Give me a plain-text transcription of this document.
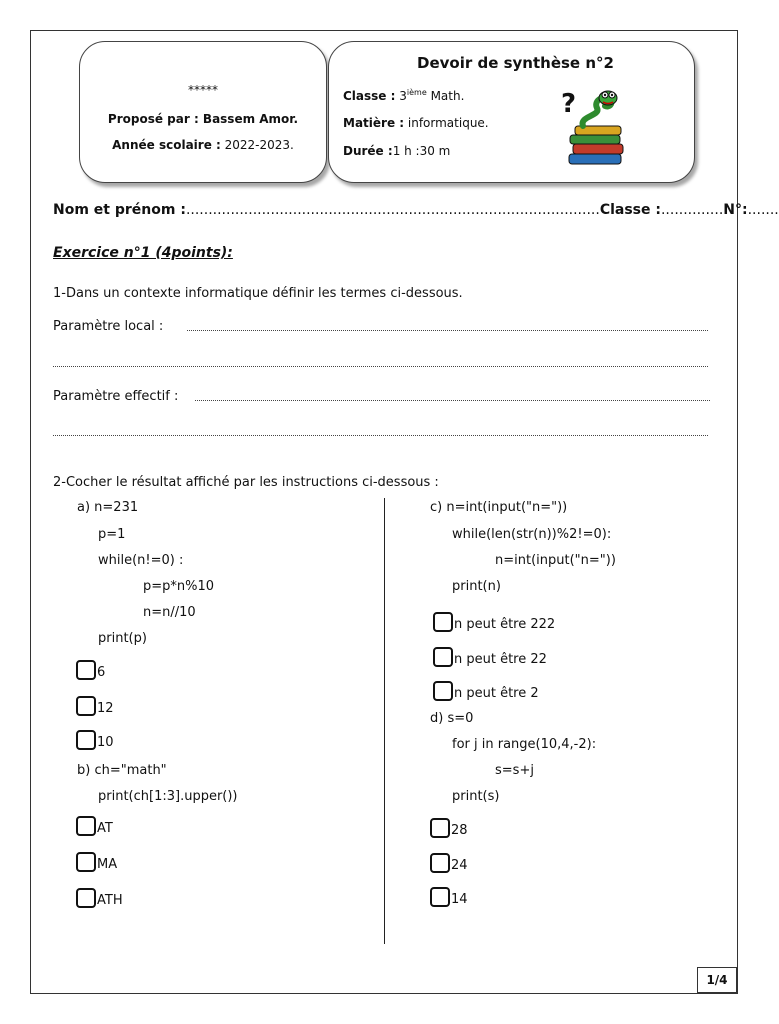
*****
Proposé par : Bassem Amor.
Année scolaire : 2022-2023.
Devoir de synthèse n°2
Classe : 3ième Math.
Matière : informatique.
Durée :1 h :30 m
?
Nom et prénom :.............................................................................................Classe :..............N°:.......
Exercice n°1 (4points):
1-Dans un contexte informatique définir les termes ci-dessous.
Paramètre local :
Paramètre effectif :
2-Cocher le résultat affiché par les instructions ci-dessous :
a) n=231
p=1
while(n!=0) :
p=p*n%10
n=n//10
print(p)
6
12
10
b) ch="math"
print(ch[1:3].upper())
AT
MA
ATH
c) n=int(input("n="))
while(len(str(n))%2!=0):
n=int(input("n="))
print(n)
n peut être 222
n peut être 22
n peut être 2
d) s=0
for j in range(10,4,-2):
s=s+j
print(s)
28
24
14
1/4
